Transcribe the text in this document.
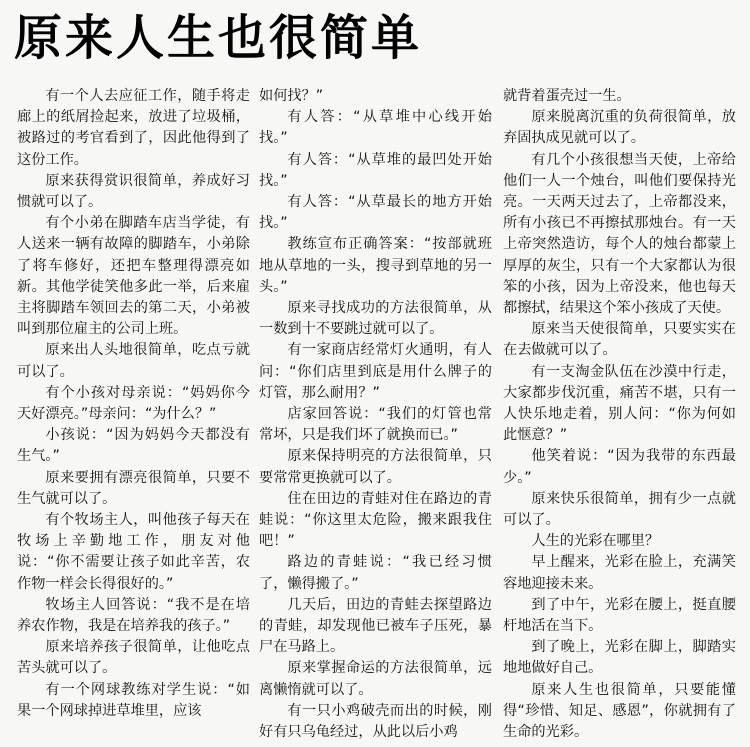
原来人生也很简单

有一个人去应征工作，随手将走廊上的纸屑捡起来，放进了垃圾桶，被路过的考官看到了，因此他得到了这份工作。

原来获得赏识很简单，养成好习惯就可以了。

有个小弟在脚踏车店当学徒，有人送来一辆有故障的脚踏车，小弟除了将车修好，还把车整理得漂亮如新。其他学徒笑他多此一举，后来雇主将脚踏车领回去的第二天，小弟被叫到那位雇主的公司上班。

原来出人头地很简单，吃点亏就可以了。

有个小孩对母亲说：“妈妈你今天好漂亮。”母亲问：“为什么？”

小孩说：“因为妈妈今天都没有生气。”

原来要拥有漂亮很简单，只要不生气就可以了。

有个牧场主人，叫他孩子每天在牧场上辛勤地工作，朋友对他说：“你不需要让孩子如此辛苦，农作物一样会长得很好的。”

牧场主人回答说：“我不是在培养农作物，我是在培养我的孩子。”

原来培养孩子很简单，让他吃点苦头就可以了。

有一个网球教练对学生说：“如果一个网球掉进草堆里，应该

如何找？”

有人答：“从草堆中心线开始找。”

有人答：“从草堆的最凹处开始找。”

有人答：“从草最长的地方开始找。”

教练宣布正确答案：“按部就班地从草地的一头，搜寻到草地的另一头。”

原来寻找成功的方法很简单，从一数到十不要跳过就可以了。

有一家商店经常灯火通明，有人问：“你们店里到底是用什么牌子的灯管，那么耐用？”

店家回答说：“我们的灯管也常常坏，只是我们坏了就换而已。”

原来保持明亮的方法很简单，只要常常更换就可以了。

住在田边的青蛙对住在路边的青蛙说：“你这里太危险，搬来跟我住吧！”

路边的青蛙说：“我已经习惯了，懒得搬了。”

几天后，田边的青蛙去探望路边的青蛙，却发现他已被车子压死，暴尸在马路上。

原来掌握命运的方法很简单，远离懒惰就可以了。

有一只小鸡破壳而出的时候，刚好有只乌龟经过，从此以后小鸡

就背着蛋壳过一生。

原来脱离沉重的负荷很简单，放弃固执成见就可以了。

有几个小孩很想当天使，上帝给他们一人一个烛台，叫他们要保持光亮。一天两天过去了，上帝都没来，所有小孩已不再擦拭那烛台。有一天上帝突然造访，每个人的烛台都蒙上厚厚的灰尘，只有一个大家都认为很笨的小孩，因为上帝没来，他也每天都擦拭，结果这个笨小孩成了天使。

原来当天使很简单，只要实实在在去做就可以了。

有一支淘金队伍在沙漠中行走，大家都步伐沉重，痛苦不堪，只有一人快乐地走着，别人问：“你为何如此惬意？”

他笑着说：“因为我带的东西最少。”

原来快乐很简单，拥有少一点就可以了。

人生的光彩在哪里？

早上醒来，光彩在脸上，充满笑容地迎接未来。

到了中午，光彩在腰上，挺直腰杆地活在当下。

到了晚上，光彩在脚上，脚踏实地地做好自己。

原来人生也很简单，只要能懂得“珍惜、知足、感恩”，你就拥有了生命的光彩。
